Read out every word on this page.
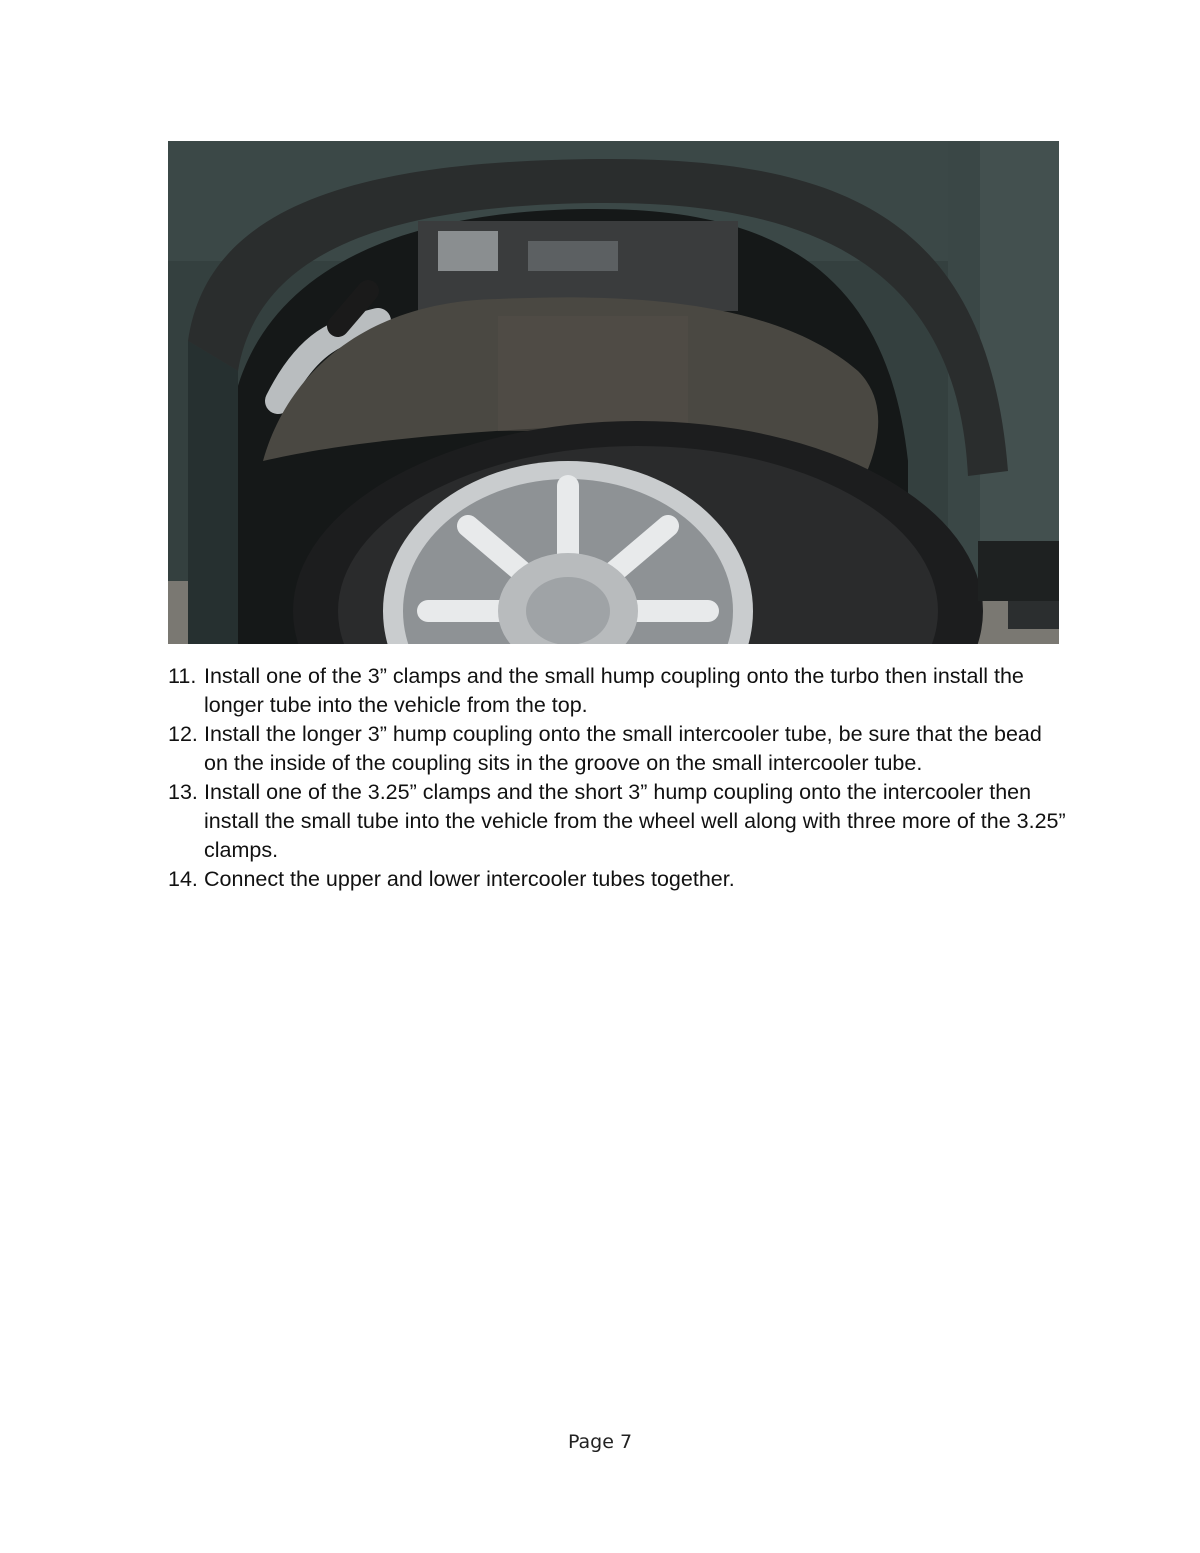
11. Install one of the 3” clamps and the small hump coupling onto the turbo then install the longer tube into the vehicle from the top.
12. Install the longer 3” hump coupling onto the small intercooler tube, be sure that the bead on the inside of the coupling sits in the groove on the small intercooler tube.
13. Install one of the 3.25” clamps and the short 3” hump coupling onto the intercooler then install the small tube into the vehicle from the wheel well along with three more of the 3.25” clamps.
14. Connect the upper and lower intercooler tubes together.
Page 7
